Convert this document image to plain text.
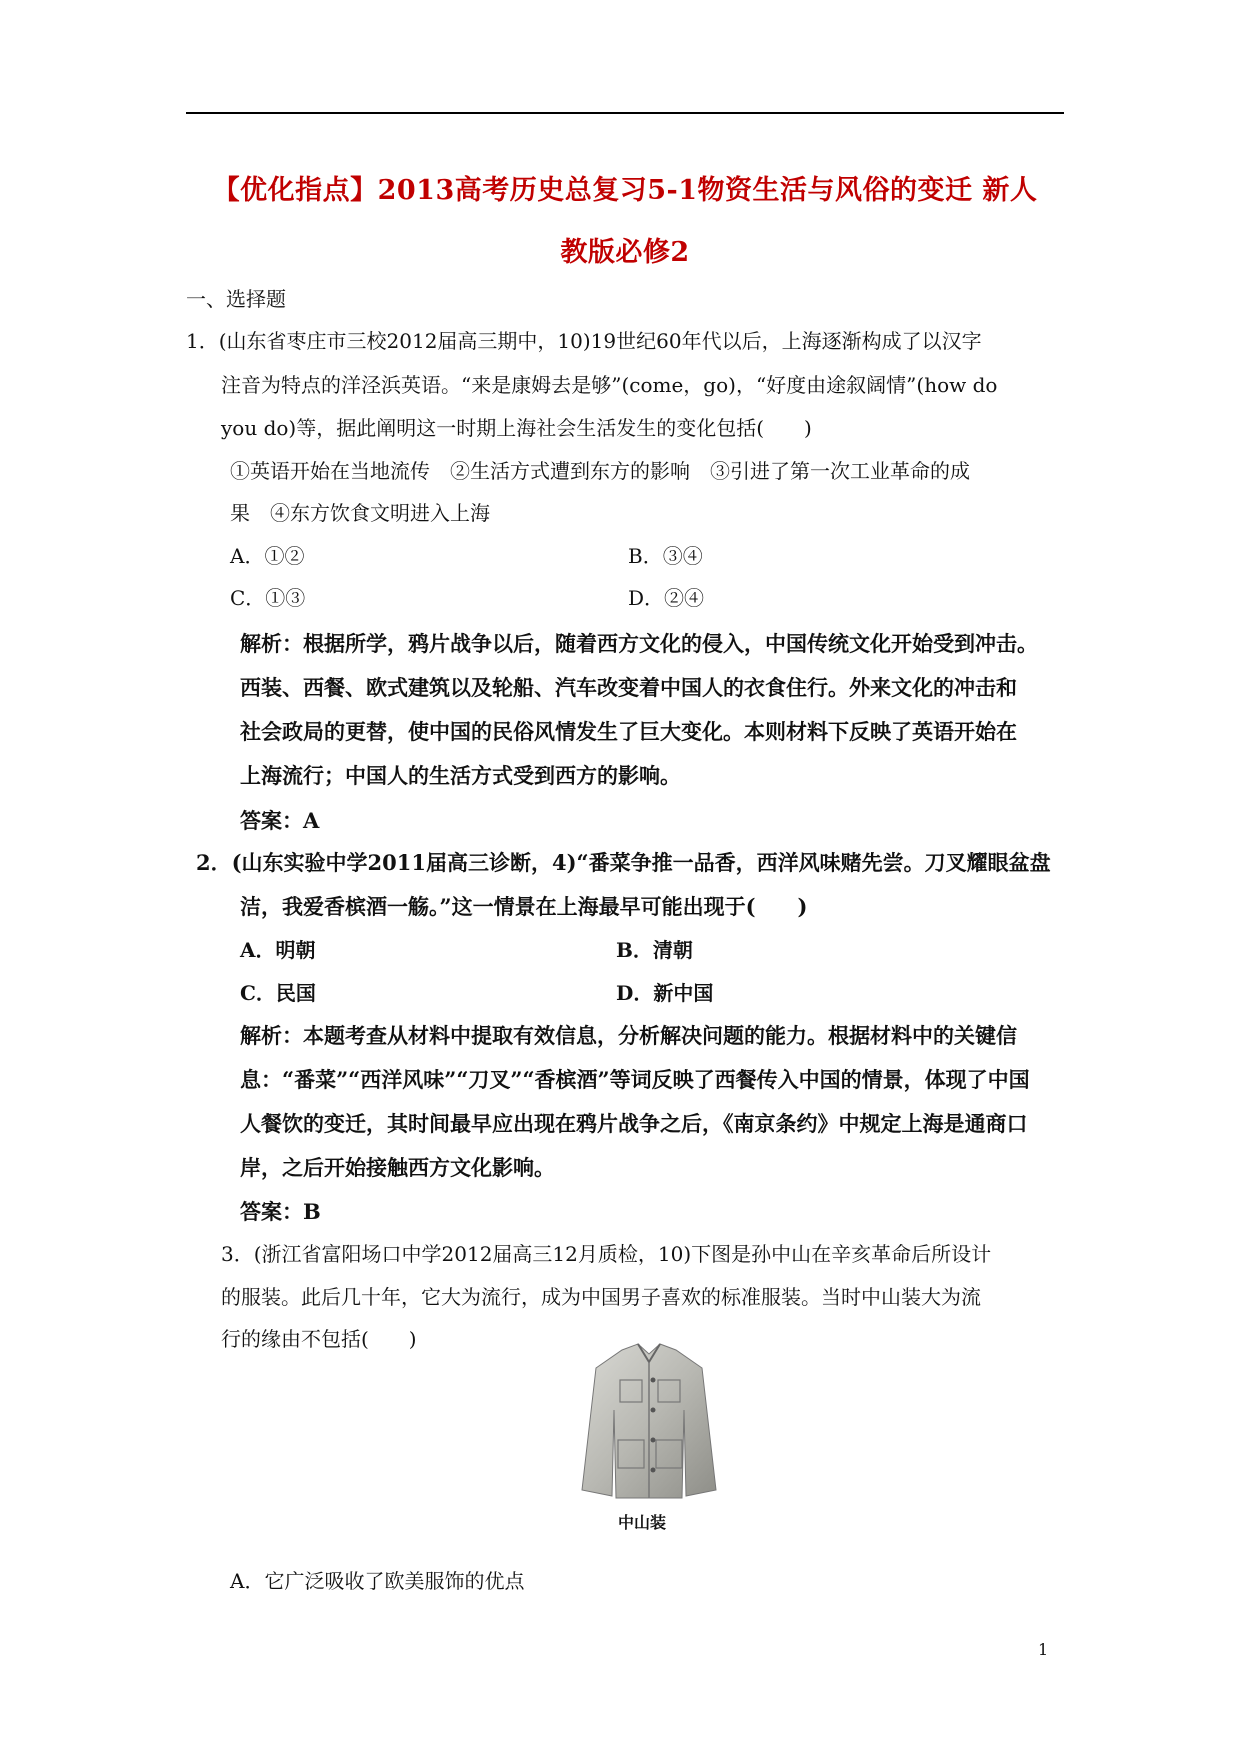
【优化指点】2013高考历史总复习5-1物资生活与风俗的变迁 新人
教版必修2
一、选择题
1．(山东省枣庄市三校2012届高三期中，10)19世纪60年代以后，上海逐渐构成了以汉字
注音为特点的洋泾浜英语。“来是康姆去是够”(come，go)，“好度由途叙阔情”(how do
you do)等，据此阐明这一时期上海社会生活发生的变化包括(　　)
①英语开始在当地流传　②生活方式遭到东方的影响　③引进了第一次工业革命的成
果　④东方饮食文明进入上海
A．①②	B．③④
C．①③	D．②④
解析：根据所学，鸦片战争以后，随着西方文化的侵入，中国传统文化开始受到冲击。
西装、西餐、欧式建筑以及轮船、汽车改变着中国人的衣食住行。外来文化的冲击和
社会政局的更替，使中国的民俗风情发生了巨大变化。本则材料下反映了英语开始在
上海流行；中国人的生活方式受到西方的影响。
答案：A
2．(山东实验中学2011届高三诊断，4)“番菜争推一品香，西洋风味赌先尝。刀叉耀眼盆盘
洁，我爱香槟酒一觞。”这一情景在上海最早可能出现于(　　)
A．明朝	B．清朝
C．民国	D．新中国
解析：本题考查从材料中提取有效信息，分析解决问题的能力。根据材料中的关键信
息：“番菜”“西洋风味”“刀叉”“香槟酒”等词反映了西餐传入中国的情景，体现了中国
人餐饮的变迁，其时间最早应出现在鸦片战争之后，《南京条约》中规定上海是通商口
岸，之后开始接触西方文化影响。
答案：B
3．(浙江省富阳场口中学2012届高三12月质检，10)下图是孙中山在辛亥革命后所设计
的服装。此后几十年，它大为流行，成为中国男子喜欢的标准服装。当时中山装大为流
行的缘由不包括(　　)
中山装
A．它广泛吸收了欧美服饰的优点
1
